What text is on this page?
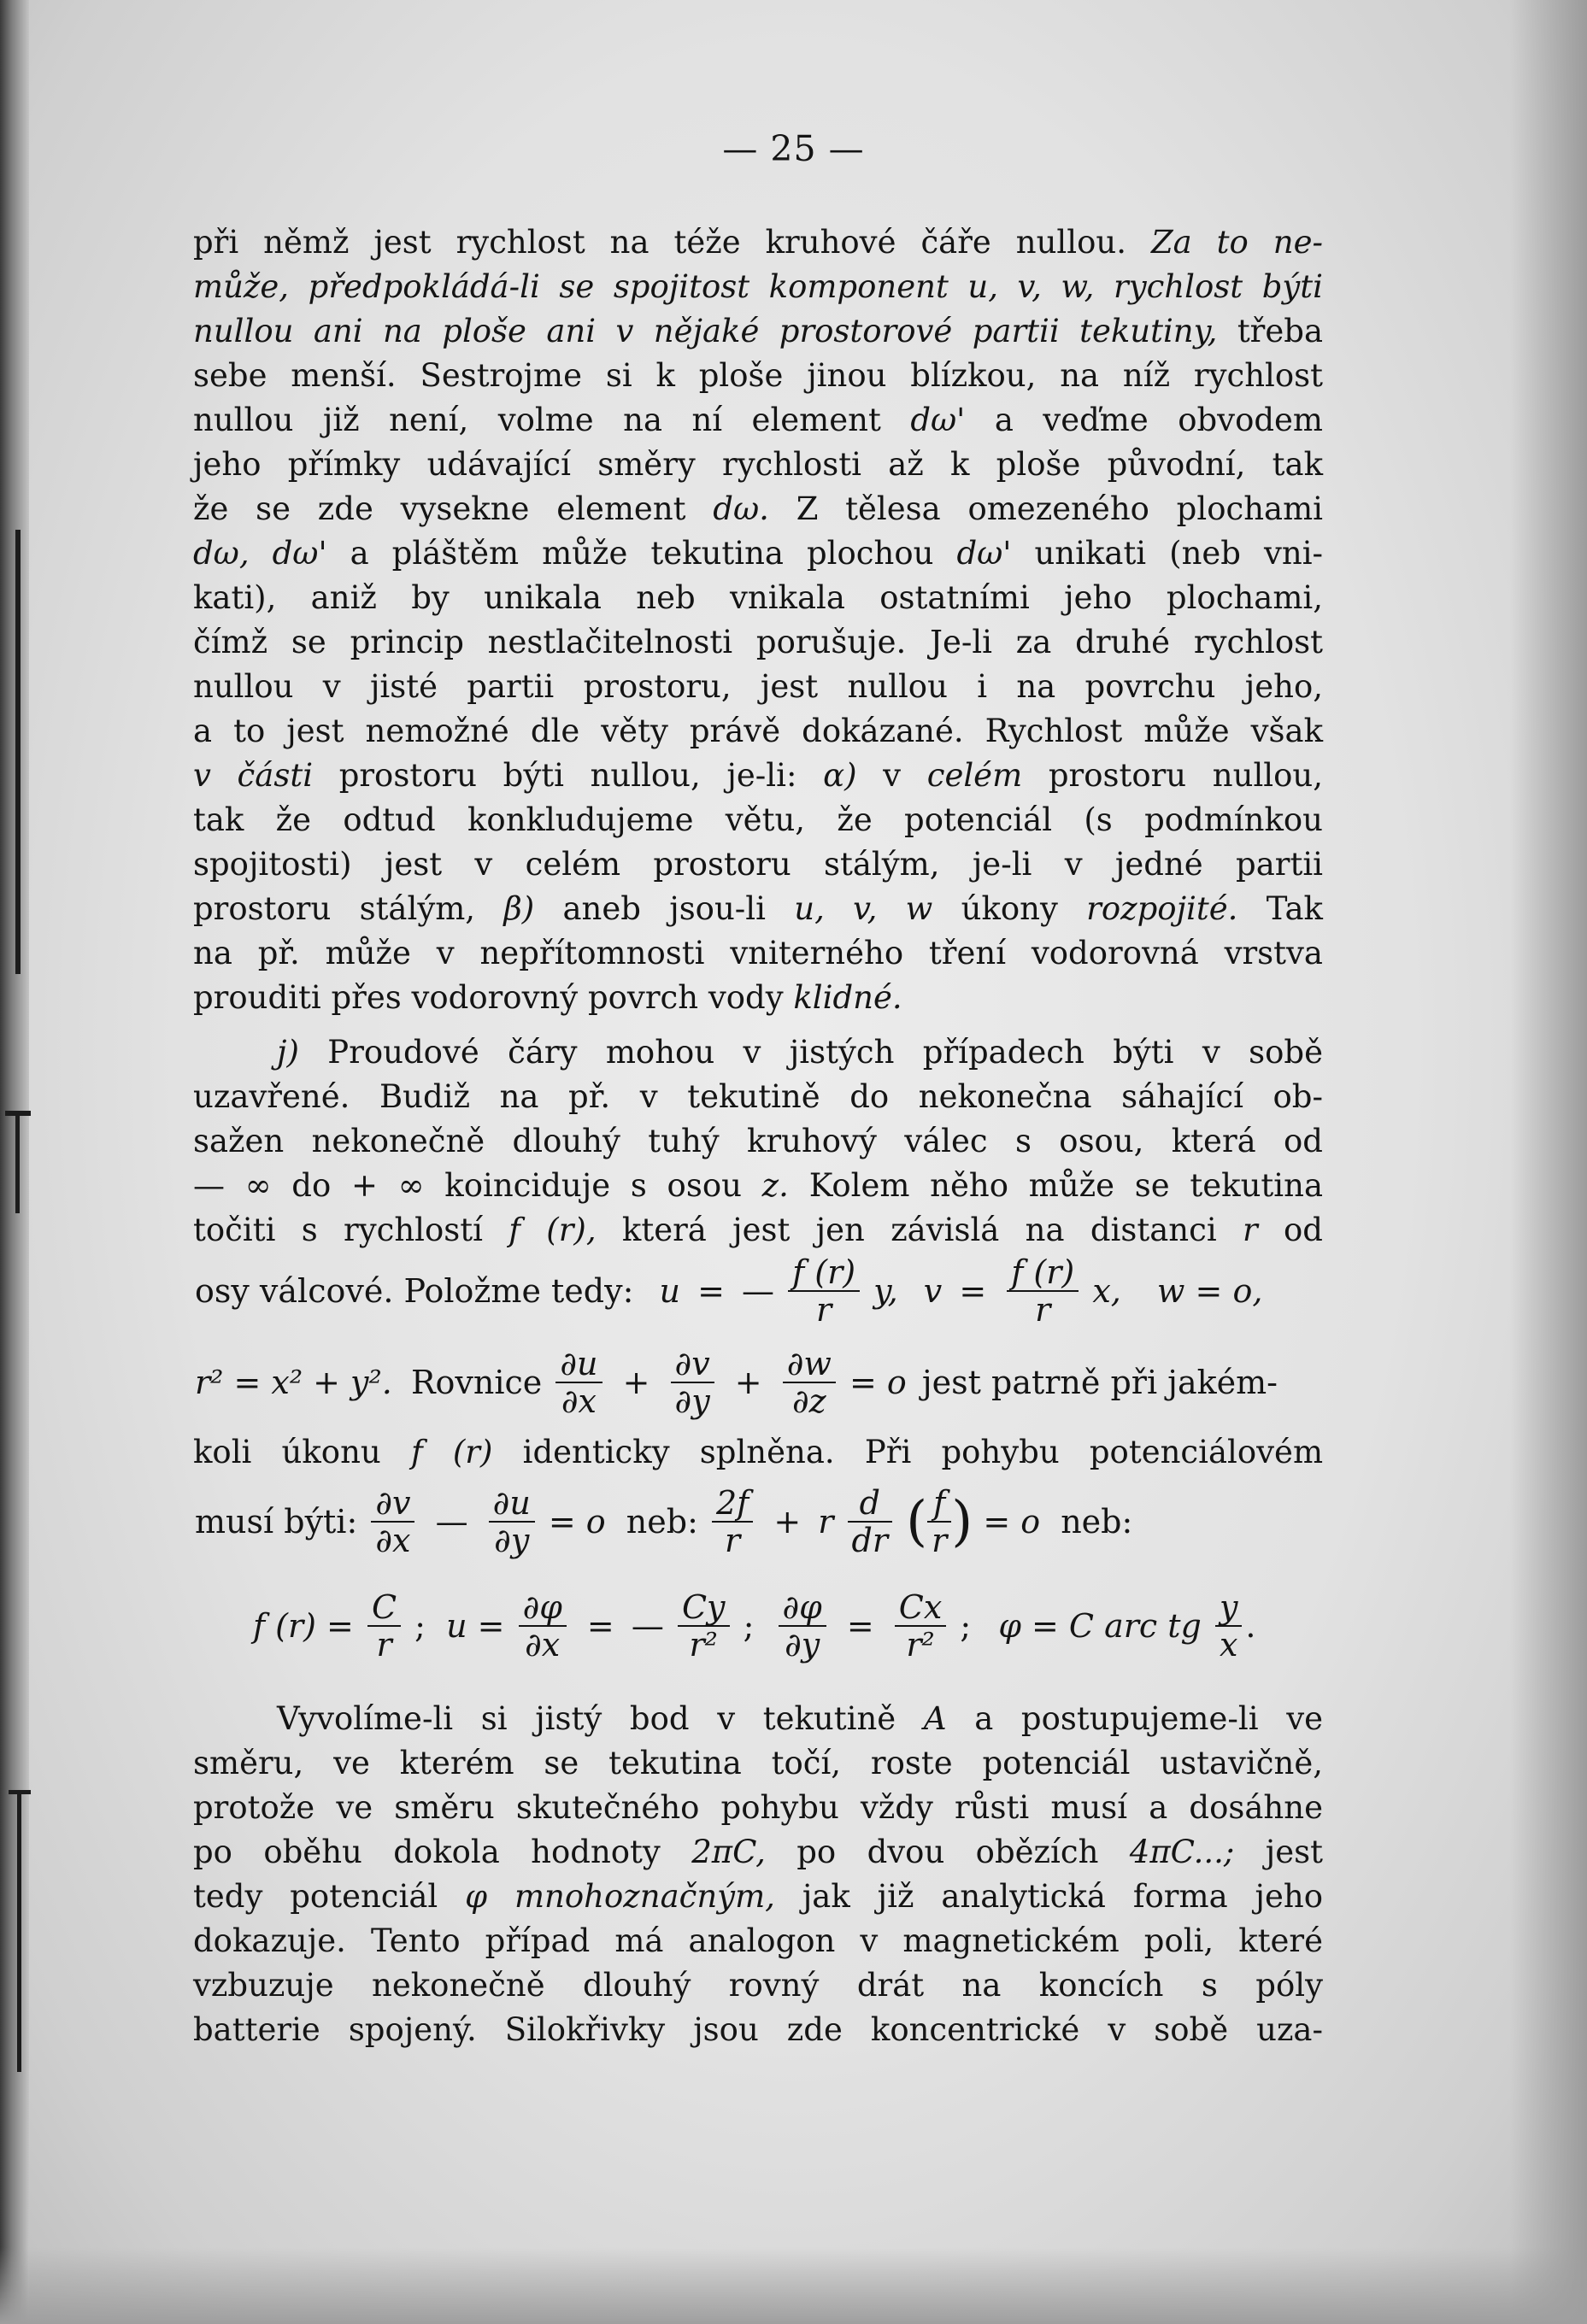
— 25 —
při němž jest rychlost na téže kruhové čáře nullou. Za to ne-
může, předpokládá-li se spojitost komponent u, v, w, rychlost býti
nullou ani na ploše ani v nějaké prostorové partii tekutiny, třeba
sebe menší. Sestrojme si k ploše jinou blízkou, na níž rychlost
nullou již není, volme na ní element dω' a veďme obvodem
jeho přímky udávající směry rychlosti až k ploše původní, tak
že se zde vysekne element dω. Z tělesa omezeného plochami
dω, dω' a pláštěm může tekutina plochou dω' unikati (neb vni-
kati), aniž by unikala neb vnikala ostatními jeho plochami,
čímž se princip nestlačitelnosti porušuje. Je-li za druhé rychlost
nullou v jisté partii prostoru, jest nullou i na povrchu jeho,
a to jest nemožné dle věty právě dokázané. Rychlost může však
v části prostoru býti nullou, je-li: α) v celém prostoru nullou,
tak že odtud konkludujeme větu, že potenciál (s podmínkou
spojitosti) jest v celém prostoru stálým, je-li v jedné partii
prostoru stálým, β) aneb jsou-li u, v, w úkony rozpojité. Tak
na př. může v nepřítomnosti vniterného tření vodorovná vrstva
prouditi přes vodorovný povrch vody klidné.
j) Proudové čáry mohou v jistých případech býti v sobě
uzavřené. Budiž na př. v tekutině do nekonečna sáhající ob-
sažen nekonečně dlouhý tuhý kruhový válec s osou, která od
— ∞ do + ∞ koinciduje s osou z. Kolem něho může se tekutina
točiti s rychlostí f (r), která jest jen závislá na distanci r od
osy válcové. Položme tedy: u = — $\frac{f (r)}{r} y$, $v = \frac{f (r)}{r} x$, w = o,
r² = x² + y². Rovnice $\frac{\partial u}{\partial x} + \frac{\partial v}{\partial y} + \frac{\partial w}{\partial z} = o$ jest patrně při jakém-
koli úkonu f (r) identicky splněna. Při pohybu potenciálovém
musí býti: $\frac{\partial v}{\partial x}$ — $\frac{\partial u}{\partial y} = o$ neb: $\frac{2f}{r} + r \frac{d}{dr}$ ( $\frac{f}{r}$ ) = o neb:
f $(r) = \frac{C}{r}$ ; $u = \frac{\partial\varphi}{\partial x}$ = — $\frac{Cy}{\text{r²}}$ ; $\frac{\partial\varphi}{\partial y} = \frac{Cx}{\text{r²}}$ ; φ = C arc tg $\frac{y}{x}$ .
Vyvolíme-li si jistý bod v tekutině A a postupujeme-li ve
směru, ve kterém se tekutina točí, roste potenciál ustavičně,
protože ve směru skutečného pohybu vždy růsti musí a dosáhne
po oběhu dokola hodnoty 2πC, po dvou obězích 4πC...; jest
tedy potenciál φ mnohoznačným, jak již analytická forma jeho
dokazuje. Tento případ má analogon v magnetickém poli, které
vzbuzuje nekonečně dlouhý rovný drát na koncích s póly
batterie spojený. Silokřivky jsou zde koncentrické v sobě uza-
